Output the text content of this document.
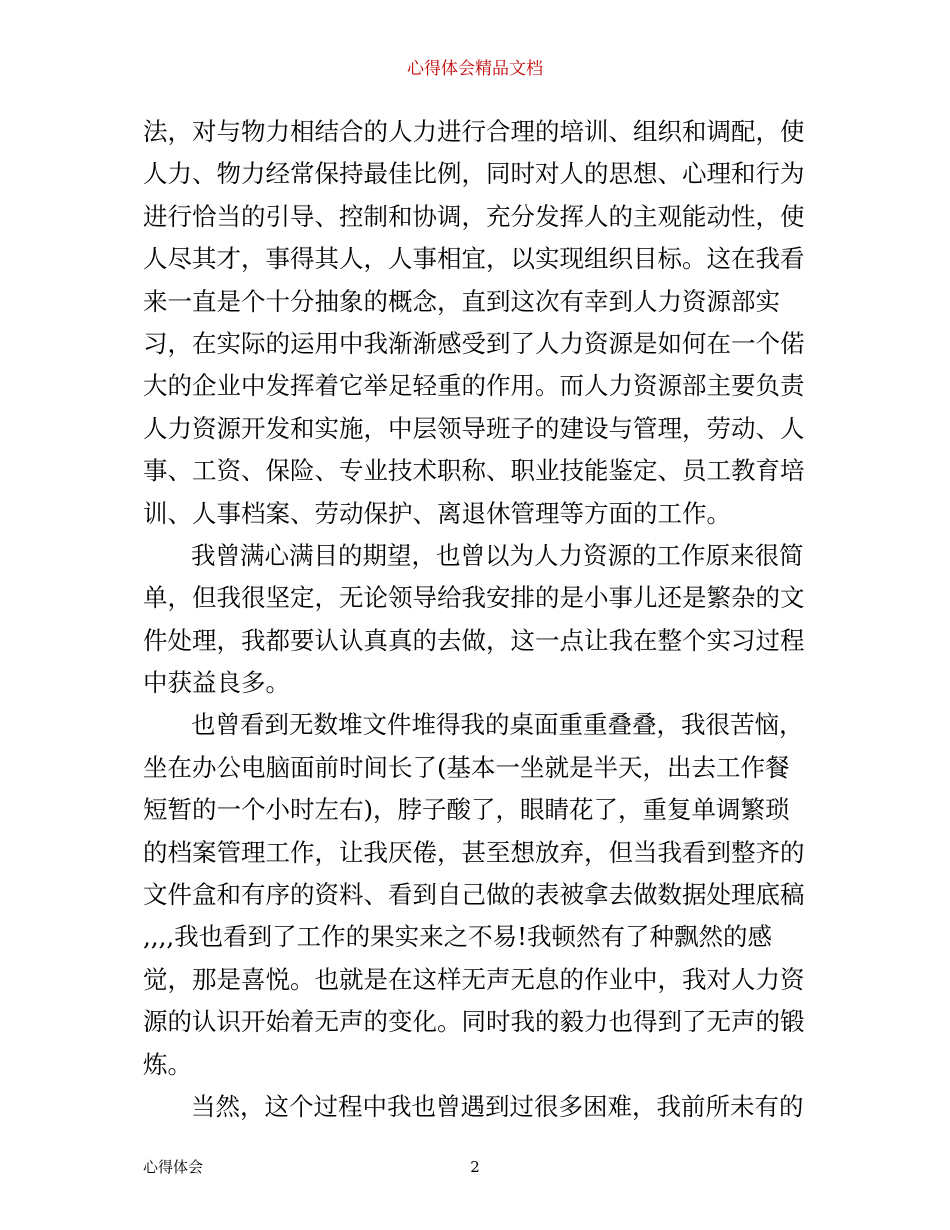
心得体会精品文档
法，对与物力相结合的人力进行合理的培训、组织和调配，使
人力、物力经常保持最佳比例，同时对人的思想、心理和行为
进行恰当的引导、控制和协调，充分发挥人的主观能动性，使
人尽其才，事得其人，人事相宜，以实现组织目标。这在我看
来一直是个十分抽象的概念，直到这次有幸到人力资源部实
习，在实际的运用中我渐渐感受到了人力资源是如何在一个偌
大的企业中发挥着它举足轻重的作用。而人力资源部主要负责
人力资源开发和实施，中层领导班子的建设与管理，劳动、人
事、工资、保险、专业技术职称、职业技能鉴定、员工教育培
训、人事档案、劳动保护、离退休管理等方面的工作。
我曾满心满目的期望，也曾以为人力资源的工作原来很简
单，但我很坚定，无论领导给我安排的是小事儿还是繁杂的文
件处理，我都要认认真真的去做，这一点让我在整个实习过程
中获益良多。
也曾看到无数堆文件堆得我的桌面重重叠叠，我很苦恼，
坐在办公电脑面前时间长了(基本一坐就是半天，出去工作餐
短暂的一个小时左右)，脖子酸了，眼睛花了，重复单调繁琐
的档案管理工作，让我厌倦，甚至想放弃，但当我看到整齐的
文件盒和有序的资料、看到自己做的表被拿去做数据处理底稿
,,,,我也看到了工作的果实来之不易!我顿然有了种飘然的感
觉，那是喜悦。也就是在这样无声无息的作业中，我对人力资
源的认识开始着无声的变化。同时我的毅力也得到了无声的锻
炼。
当然，这个过程中我也曾遇到过很多困难，我前所未有的
心得体会	2
